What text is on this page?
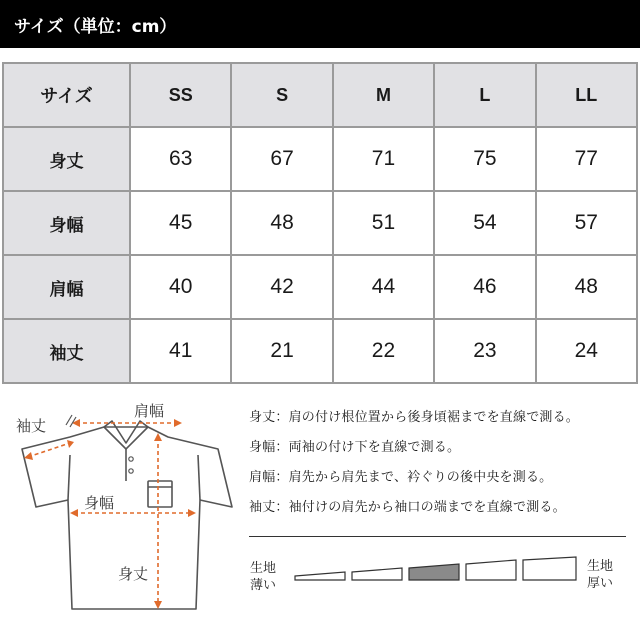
サイズ（単位：cm）
サイズ	SS	S	M	L	LL
身丈	63	67	71	75	77
身幅	45	48	51	54	57
肩幅	40	42	44	46	48
袖丈	41	21	22	23	24
袖丈
肩幅
身幅
身丈
身丈：肩の付け根位置から後身頃裾までを直線で測る。
身幅：両袖の付け下を直線で測る。
肩幅：肩先から肩先まで、衿ぐりの後中央を測る。
袖丈：袖付けの肩先から袖口の端までを直線で測る。
生地
薄い
生地
厚い
